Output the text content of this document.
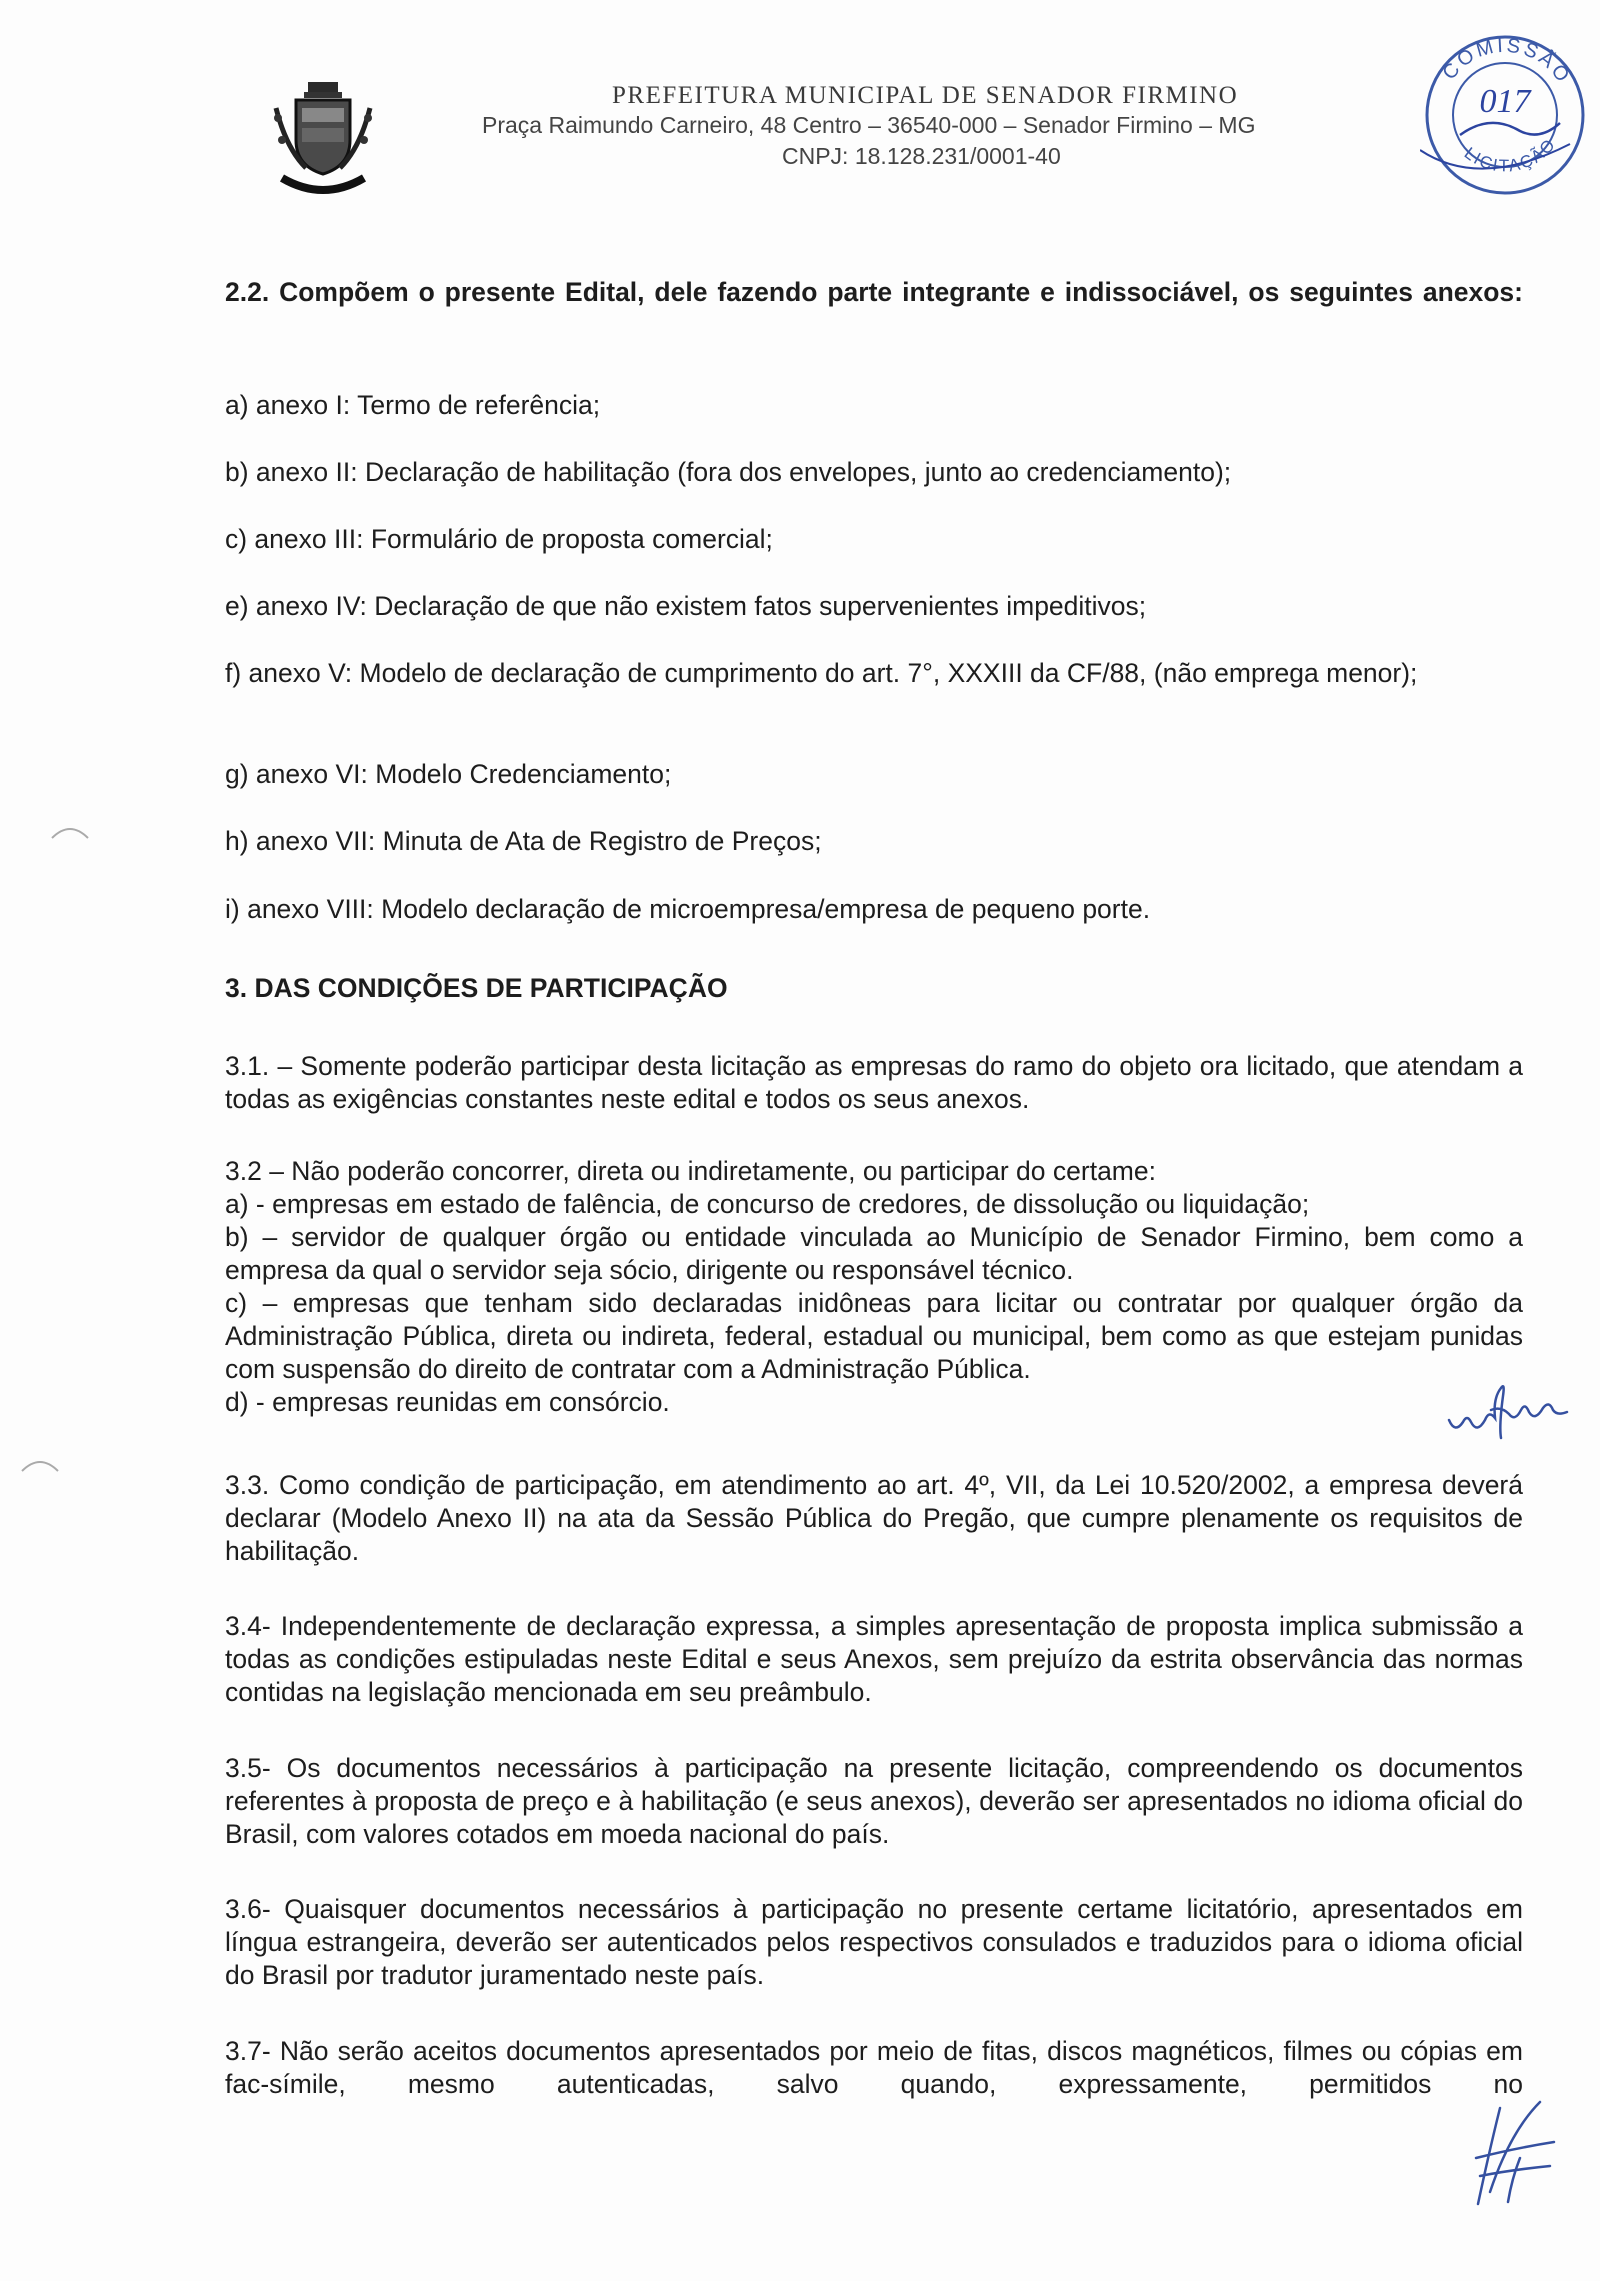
PREFEITURA MUNICIPAL DE SENADOR FIRMINO
Praça Raimundo Carneiro, 48 Centro – 36540-000 – Senador Firmino – MG
CNPJ: 18.128.231/0001-40
COMISSÃO
LICITAÇÃO
017
2.2. Compõem o presente Edital, dele fazendo parte integrante e indissociável, os seguintes anexos:
a) anexo I: Termo de referência;
b) anexo II: Declaração de habilitação (fora dos envelopes, junto ao credenciamento);
c) anexo III: Formulário de proposta comercial;
e) anexo IV: Declaração de que não existem fatos supervenientes impeditivos;
f) anexo V: Modelo de declaração de cumprimento do art. 7°, XXXIII da CF/88, (não emprega menor);
g) anexo VI: Modelo Credenciamento;
h) anexo VII: Minuta de Ata de Registro de Preços;
i) anexo VIII: Modelo declaração de microempresa/empresa de pequeno porte.
3. DAS CONDIÇÕES DE PARTICIPAÇÃO
3.1. – Somente poderão participar desta licitação as empresas do ramo do objeto ora licitado, que atendam a todas as exigências constantes neste edital e todos os seus anexos.
3.2 – Não poderão concorrer, direta ou indiretamente, ou participar do certame:
a) - empresas em estado de falência, de concurso de credores, de dissolução ou liquidação;
b) – servidor de qualquer órgão ou entidade vinculada ao Município de Senador Firmino, bem como a empresa da qual o servidor seja sócio, dirigente ou responsável técnico.
c) – empresas que tenham sido declaradas inidôneas para licitar ou contratar por qualquer órgão da Administração Pública, direta ou indireta, federal, estadual ou municipal, bem como as que estejam punidas com suspensão do direito de contratar com a Administração Pública.
d) - empresas reunidas em consórcio.
3.3. Como condição de participação, em atendimento ao art. 4º, VII, da Lei 10.520/2002, a empresa deverá declarar (Modelo Anexo II) na ata da Sessão Pública do Pregão, que cumpre plenamente os requisitos de habilitação.
3.4- Independentemente de declaração expressa, a simples apresentação de proposta implica submissão a todas as condições estipuladas neste Edital e seus Anexos, sem prejuízo da estrita observância das normas contidas na legislação mencionada em seu preâmbulo.
3.5- Os documentos necessários à participação na presente licitação, compreendendo os documentos referentes à proposta de preço e à habilitação (e seus anexos), deverão ser apresentados no idioma oficial do Brasil, com valores cotados em moeda nacional do país.
3.6- Quaisquer documentos necessários à participação no presente certame licitatório, apresentados em língua estrangeira, deverão ser autenticados pelos respectivos consulados e traduzidos para o idioma oficial do Brasil por tradutor juramentado neste país.
3.7- Não serão aceitos documentos apresentados por meio de fitas, discos magnéticos, filmes ou cópias em fac-símile, mesmo autenticadas, salvo quando, expressamente, permitidos no
